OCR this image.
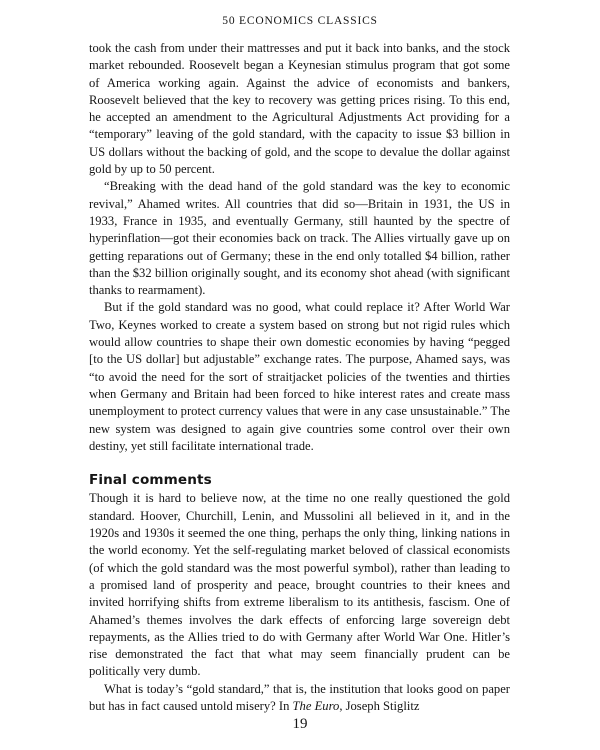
50 ECONOMICS CLASSICS

took the cash from under their mattresses and put it back into banks, and the stock market rebounded. Roosevelt began a Keynesian stimulus program that got some of America working again. Against the advice of economists and bankers, Roosevelt believed that the key to recovery was getting prices rising. To this end, he accepted an amendment to the Agricultural Adjustments Act providing for a “temporary” leaving of the gold standard, with the capacity to issue $3 billion in US dollars without the backing of gold, and the scope to devalue the dollar against gold by up to 50 percent.

“Breaking with the dead hand of the gold standard was the key to economic revival,” Ahamed writes. All countries that did so—Britain in 1931, the US in 1933, France in 1935, and eventually Germany, still haunted by the spectre of hyperinflation—got their economies back on track. The Allies virtually gave up on getting reparations out of Germany; these in the end only totalled $4 billion, rather than the $32 billion originally sought, and its economy shot ahead (with significant thanks to rearmament).

But if the gold standard was no good, what could replace it? After World War Two, Keynes worked to create a system based on strong but not rigid rules which would allow countries to shape their own domestic economies by having “pegged [to the US dollar] but adjustable” exchange rates. The purpose, Ahamed says, was “to avoid the need for the sort of straitjacket policies of the twenties and thirties when Germany and Britain had been forced to hike interest rates and create mass unemployment to protect currency values that were in any case unsustainable.” The new system was designed to again give countries some control over their own destiny, yet still facilitate international trade.

Final comments

Though it is hard to believe now, at the time no one really questioned the gold standard. Hoover, Churchill, Lenin, and Mussolini all believed in it, and in the 1920s and 1930s it seemed the one thing, perhaps the only thing, linking nations in the world economy. Yet the self-regulating market beloved of classical economists (of which the gold standard was the most powerful symbol), rather than leading to a promised land of prosperity and peace, brought countries to their knees and invited horrifying shifts from extreme liberalism to its antithesis, fascism. One of Ahamed’s themes involves the dark effects of enforcing large sovereign debt repayments, as the Allies tried to do with Germany after World War One. Hitler’s rise demonstrated the fact that what may seem financially prudent can be politically very dumb.

What is today’s “gold standard,” that is, the institution that looks good on paper but has in fact caused untold misery? In The Euro, Joseph Stiglitz

19
